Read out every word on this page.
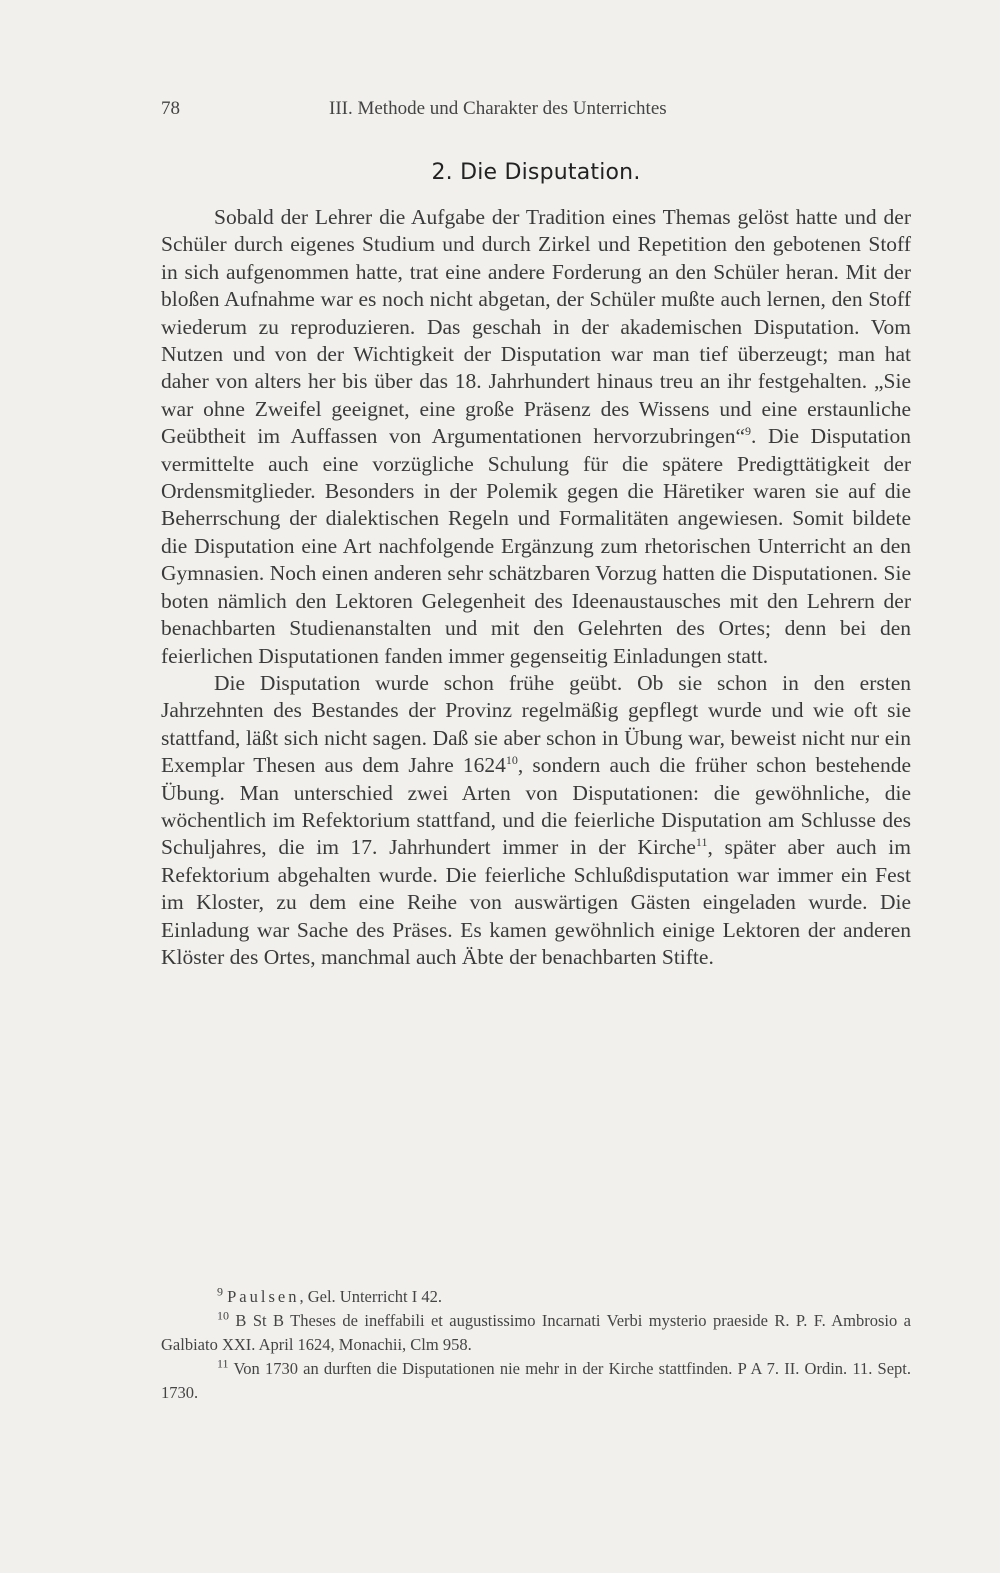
78	III. Methode und Charakter des Unterrichtes
2. Die Disputation.

Sobald der Lehrer die Aufgabe der Tradition eines Themas gelöst hatte und der Schüler durch eigenes Studium und durch Zirkel und Repetition den gebotenen Stoff in sich aufgenommen hatte, trat eine andere Forderung an den Schüler heran. Mit der bloßen Aufnahme war es noch nicht abgetan, der Schüler mußte auch lernen, den Stoff wiederum zu reproduzieren. Das geschah in der akademischen Disputation. Vom Nutzen und von der Wichtigkeit der Disputation war man tief überzeugt; man hat daher von alters her bis über das 18. Jahrhundert hinaus treu an ihr festgehalten. „Sie war ohne Zweifel geeignet, eine große Präsenz des Wissens und eine erstaunliche Geübtheit im Auffassen von Argumentationen hervorzubringen“$^9$. Die Disputation vermittelte auch eine vorzügliche Schulung für die spätere Predigttätigkeit der Ordensmitglieder. Besonders in der Polemik gegen die Häretiker waren sie auf die Beherrschung der dialektischen Regeln und Formalitäten angewiesen. Somit bildete die Disputation eine Art nachfolgende Ergänzung zum rhetorischen Unterricht an den Gymnasien. Noch einen anderen sehr schätzbaren Vorzug hatten die Disputationen. Sie boten nämlich den Lektoren Gelegenheit des Ideenaustausches mit den Lehrern der benachbarten Studienanstalten und mit den Gelehrten des Ortes; denn bei den feierlichen Disputationen fanden immer gegenseitig Einladungen statt.

Die Disputation wurde schon frühe geübt. Ob sie schon in den ersten Jahrzehnten des Bestandes der Provinz regelmäßig gepflegt wurde und wie oft sie stattfand, läßt sich nicht sagen. Daß sie aber schon in Übung war, beweist nicht nur ein Exemplar Thesen aus dem Jahre 1624$^{10}$, sondern auch die früher schon bestehende Übung. Man unterschied zwei Arten von Disputationen: die gewöhnliche, die wöchentlich im Refektorium stattfand, und die feierliche Disputation am Schlusse des Schuljahres, die im 17. Jahrhundert immer in der Kirche$^{11}$, später aber auch im Refektorium abgehalten wurde. Die feierliche Schlußdisputation war immer ein Fest im Kloster, zu dem eine Reihe von auswärtigen Gästen eingeladen wurde. Die Einladung war Sache des Präses. Es kamen gewöhnlich einige Lektoren der anderen Klöster des Ortes, manchmal auch Äbte der benachbarten Stifte.

$^9$ Paulsen, Gel. Unterricht I 42.

$^{10}$ B St B Theses de ineffabili et augustissimo Incarnati Verbi mysterio praeside R. P. F. Ambrosio a Galbiato XXI. April 1624, Monachii, Clm 958.

$^{11}$ Von 1730 an durften die Disputationen nie mehr in der Kirche stattfinden. P A 7. II. Ordin. 11. Sept. 1730.
